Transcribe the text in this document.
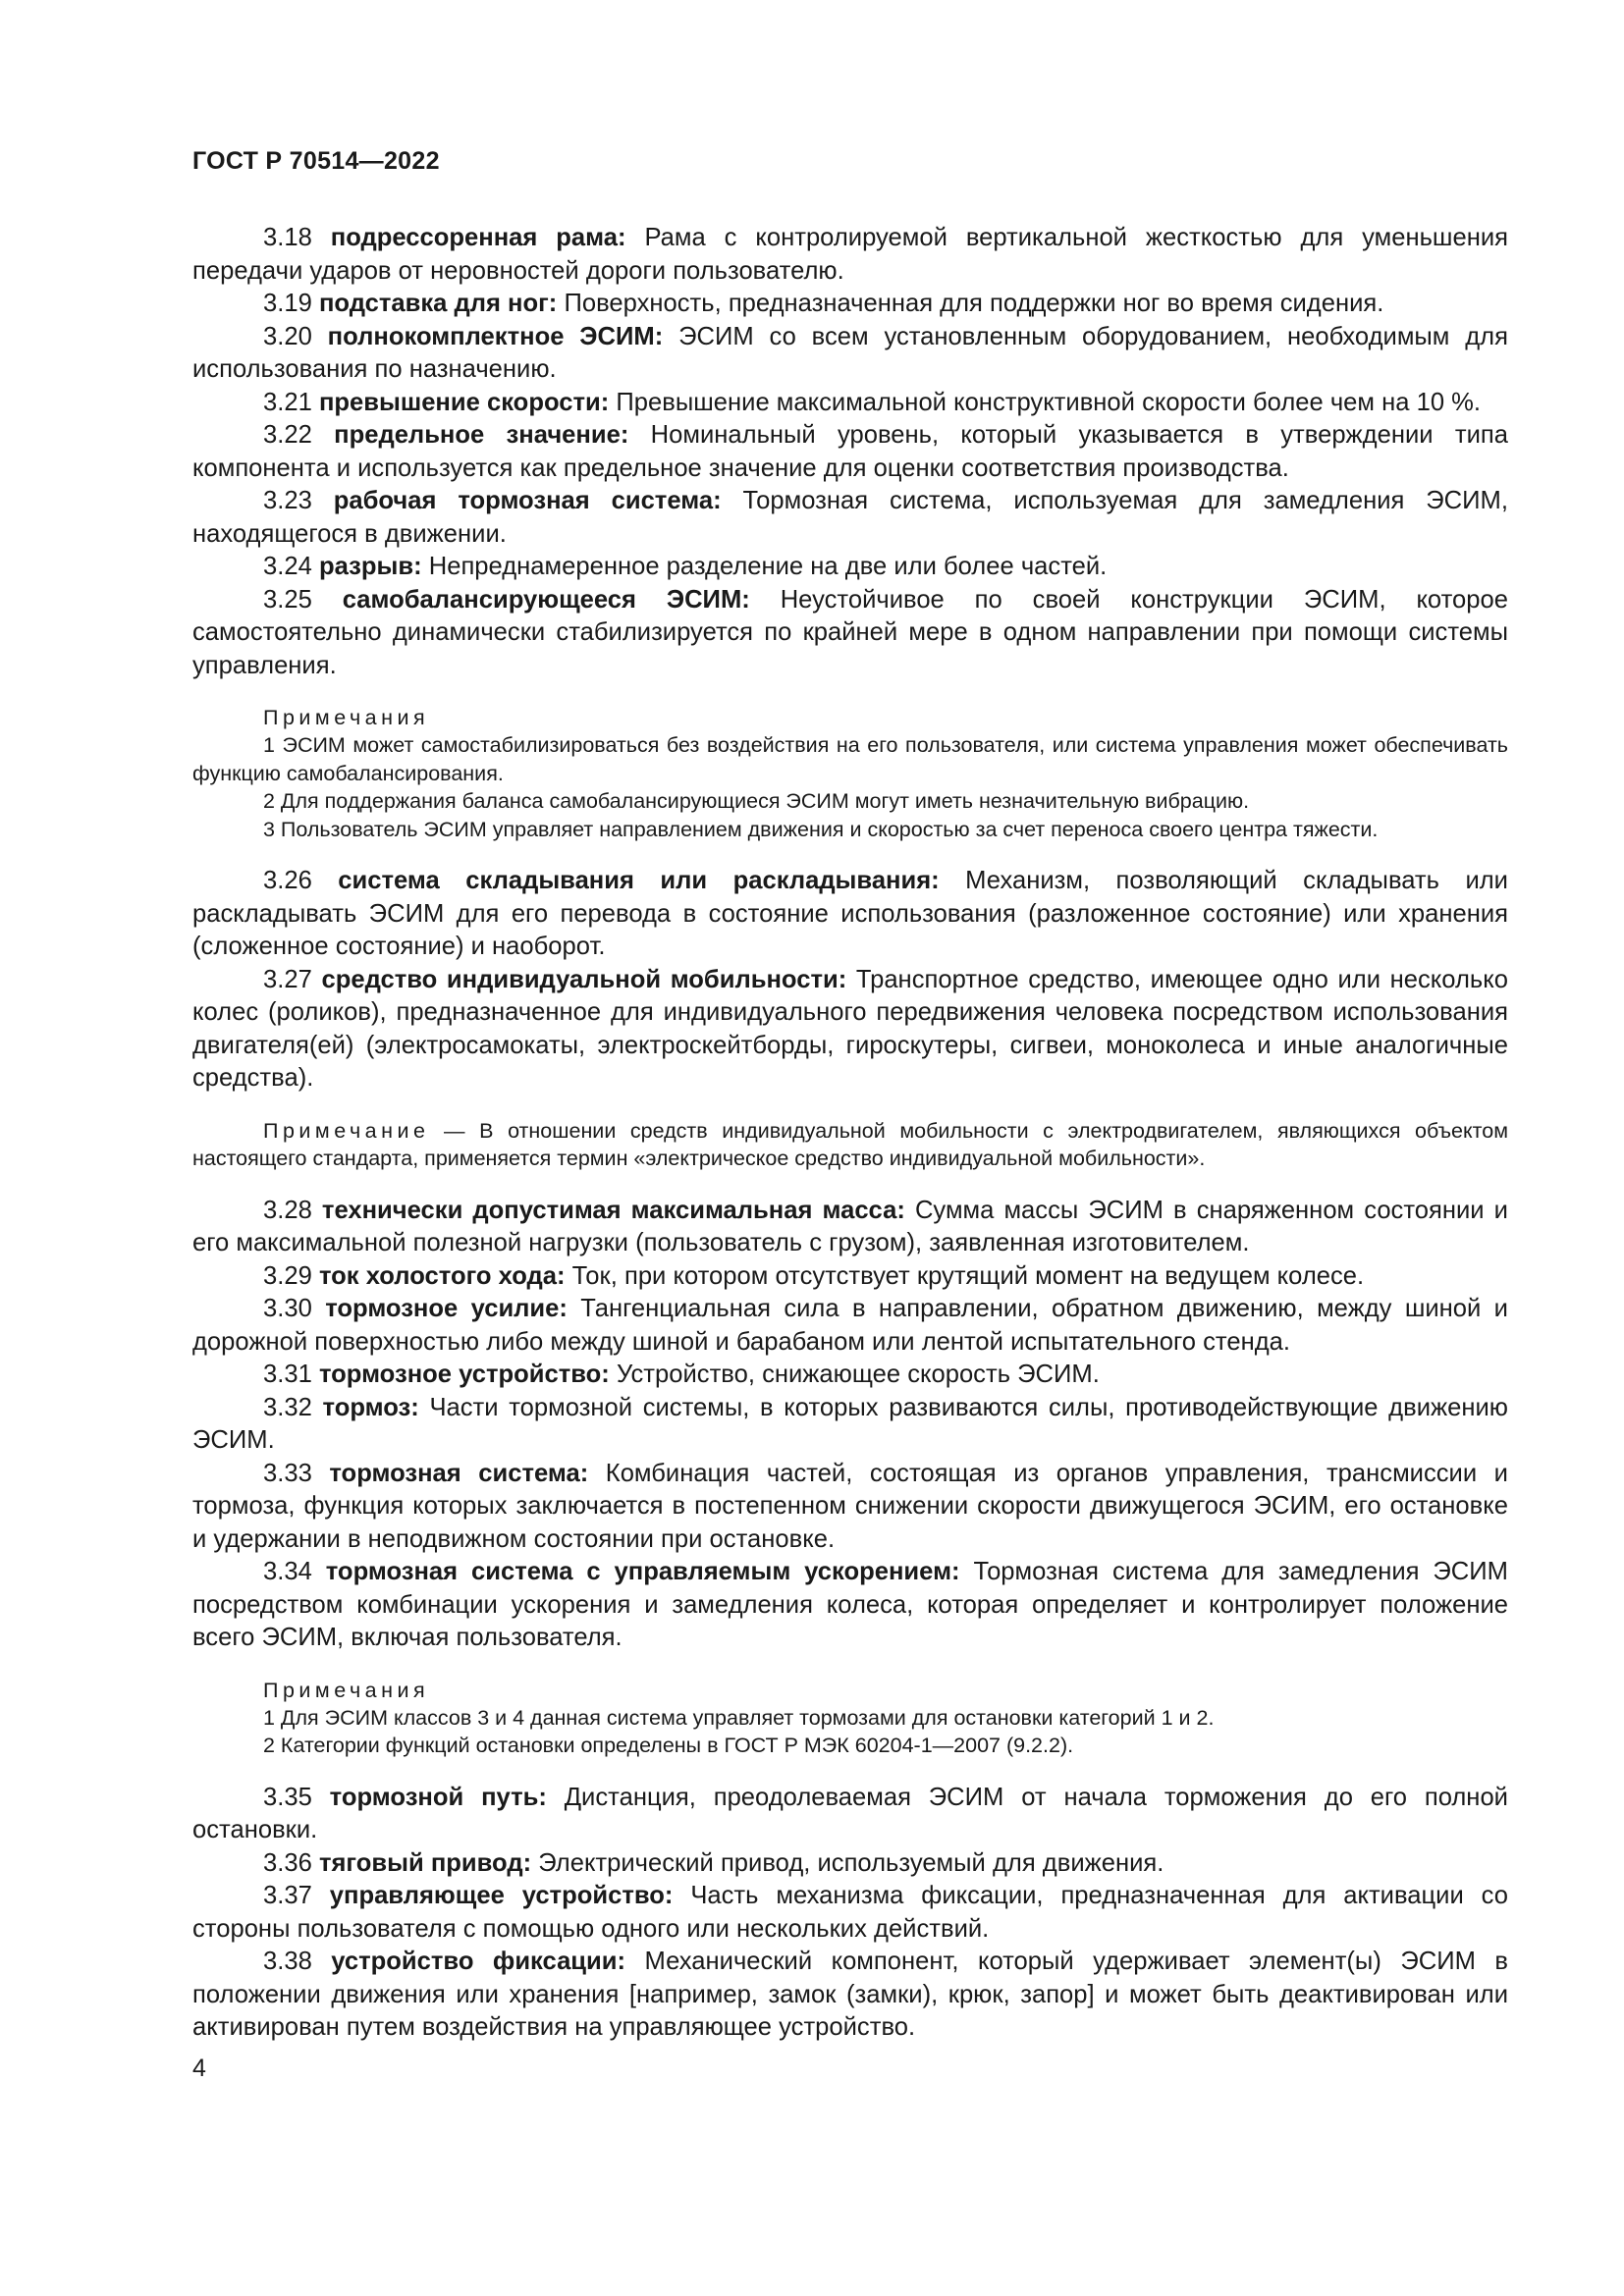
ГОСТ Р 70514—2022

3.18 подрессоренная рама: Рама с контролируемой вертикальной жесткостью для уменьшения передачи ударов от неровностей дороги пользователю.

3.19 подставка для ног: Поверхность, предназначенная для поддержки ног во время сидения.

3.20 полнокомплектное ЭСИМ: ЭСИМ со всем установленным оборудованием, необходимым для использования по назначению.

3.21 превышение скорости: Превышение максимальной конструктивной скорости более чем на 10 %.

3.22 предельное значение: Номинальный уровень, который указывается в утверждении типа компонента и используется как предельное значение для оценки соответствия производства.

3.23 рабочая тормозная система: Тормозная система, используемая для замедления ЭСИМ, находящегося в движении.

3.24 разрыв: Непреднамеренное разделение на две или более частей.

3.25 самобалансирующееся ЭСИМ: Неустойчивое по своей конструкции ЭСИМ, которое самостоятельно динамически стабилизируется по крайней мере в одном направлении при помощи системы управления.

Примечания

1 ЭСИМ может самостабилизироваться без воздействия на его пользователя, или система управления может обеспечивать функцию самобалансирования.

2 Для поддержания баланса самобалансирующиеся ЭСИМ могут иметь незначительную вибрацию.

3 Пользователь ЭСИМ управляет направлением движения и скоростью за счет переноса своего центра тяжести.

3.26 система складывания или раскладывания: Механизм, позволяющий складывать или раскладывать ЭСИМ для его перевода в состояние использования (разложенное состояние) или хранения (сложенное состояние) и наоборот.

3.27 средство индивидуальной мобильности: Транспортное средство, имеющее одно или несколько колес (роликов), предназначенное для индивидуального передвижения человека посредством использования двигателя(ей) (электросамокаты, электроскейтборды, гироскутеры, сигвеи, моноколеса и иные аналогичные средства).

Примечание — В отношении средств индивидуальной мобильности с электродвигателем, являющихся объектом настоящего стандарта, применяется термин «электрическое средство индивидуальной мобильности».

3.28 технически допустимая максимальная масса: Сумма массы ЭСИМ в снаряженном состоянии и его максимальной полезной нагрузки (пользователь с грузом), заявленная изготовителем.

3.29 ток холостого хода: Ток, при котором отсутствует крутящий момент на ведущем колесе.

3.30 тормозное усилие: Тангенциальная сила в направлении, обратном движению, между шиной и дорожной поверхностью либо между шиной и барабаном или лентой испытательного стенда.

3.31 тормозное устройство: Устройство, снижающее скорость ЭСИМ.

3.32 тормоз: Части тормозной системы, в которых развиваются силы, противодействующие движению ЭСИМ.

3.33 тормозная система: Комбинация частей, состоящая из органов управления, трансмиссии и тормоза, функция которых заключается в постепенном снижении скорости движущегося ЭСИМ, его остановке и удержании в неподвижном состоянии при остановке.

3.34 тормозная система с управляемым ускорением: Тормозная система для замедления ЭСИМ посредством комбинации ускорения и замедления колеса, которая определяет и контролирует положение всего ЭСИМ, включая пользователя.

Примечания

1 Для ЭСИМ классов 3 и 4 данная система управляет тормозами для остановки категорий 1 и 2.

2 Категории функций остановки определены в ГОСТ Р МЭК 60204-1—2007 (9.2.2).

3.35 тормозной путь: Дистанция, преодолеваемая ЭСИМ от начала торможения до его полной остановки.

3.36 тяговый привод: Электрический привод, используемый для движения.

3.37 управляющее устройство: Часть механизма фиксации, предназначенная для активации со стороны пользователя с помощью одного или нескольких действий.

3.38 устройство фиксации: Механический компонент, который удерживает элемент(ы) ЭСИМ в положении движения или хранения [например, замок (замки), крюк, запор] и может быть деактивирован или активирован путем воздействия на управляющее устройство.

4
